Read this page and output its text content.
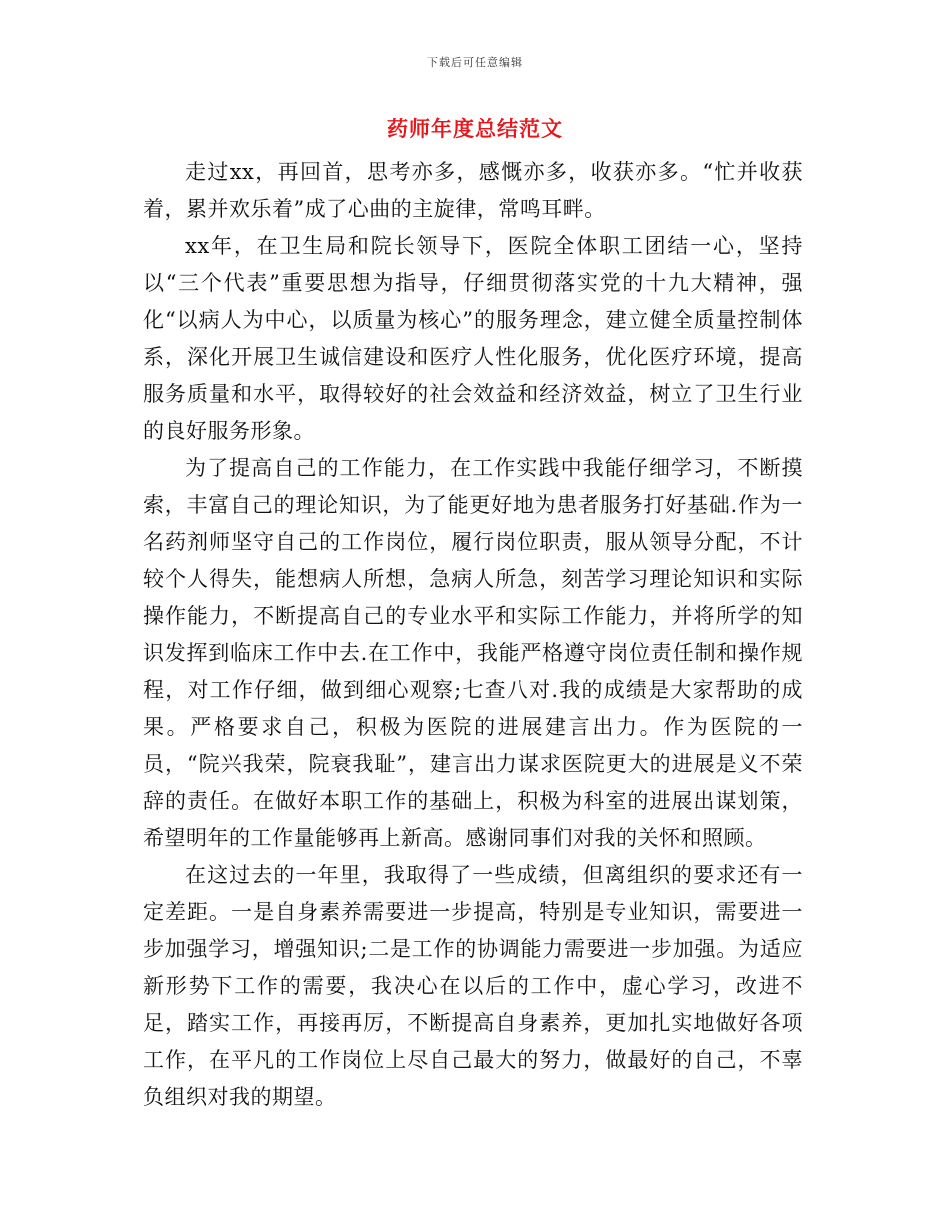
下载后可任意编辑
药师年度总结范文

走过xx，再回首，思考亦多，感慨亦多，收获亦多。“忙并收获着，累并欢乐着”成了心曲的主旋律，常鸣耳畔。

xx年，在卫生局和院长领导下，医院全体职工团结一心，坚持以“三个代表”重要思想为指导，仔细贯彻落实党的十九大精神，强化“以病人为中心，以质量为核心”的服务理念，建立健全质量控制体系，深化开展卫生诚信建设和医疗人性化服务，优化医疗环境，提高服务质量和水平，取得较好的社会效益和经济效益，树立了卫生行业的良好服务形象。

为了提高自己的工作能力，在工作实践中我能仔细学习，不断摸索，丰富自己的理论知识，为了能更好地为患者服务打好基础.作为一名药剂师坚守自己的工作岗位，履行岗位职责，服从领导分配，不计较个人得失，能想病人所想，急病人所急，刻苦学习理论知识和实际操作能力，不断提高自己的专业水平和实际工作能力，并将所学的知识发挥到临床工作中去.在工作中，我能严格遵守岗位责任制和操作规程，对工作仔细，做到细心观察;七查八对.我的成绩是大家帮助的成果。严格要求自己，积极为医院的进展建言出力。作为医院的一员，“院兴我荣，院衰我耻”，建言出力谋求医院更大的进展是义不荣辞的责任。在做好本职工作的基础上，积极为科室的进展出谋划策，希望明年的工作量能够再上新高。感谢同事们对我的关怀和照顾。

在这过去的一年里，我取得了一些成绩，但离组织的要求还有一定差距。一是自身素养需要进一步提高，特别是专业知识，需要进一步加强学习，增强知识;二是工作的协调能力需要进一步加强。为适应新形势下工作的需要，我决心在以后的工作中，虚心学习，改进不足，踏实工作，再接再厉，不断提高自身素养，更加扎实地做好各项工作，在平凡的工作岗位上尽自己最大的努力，做最好的自己，不辜负组织对我的期望。
